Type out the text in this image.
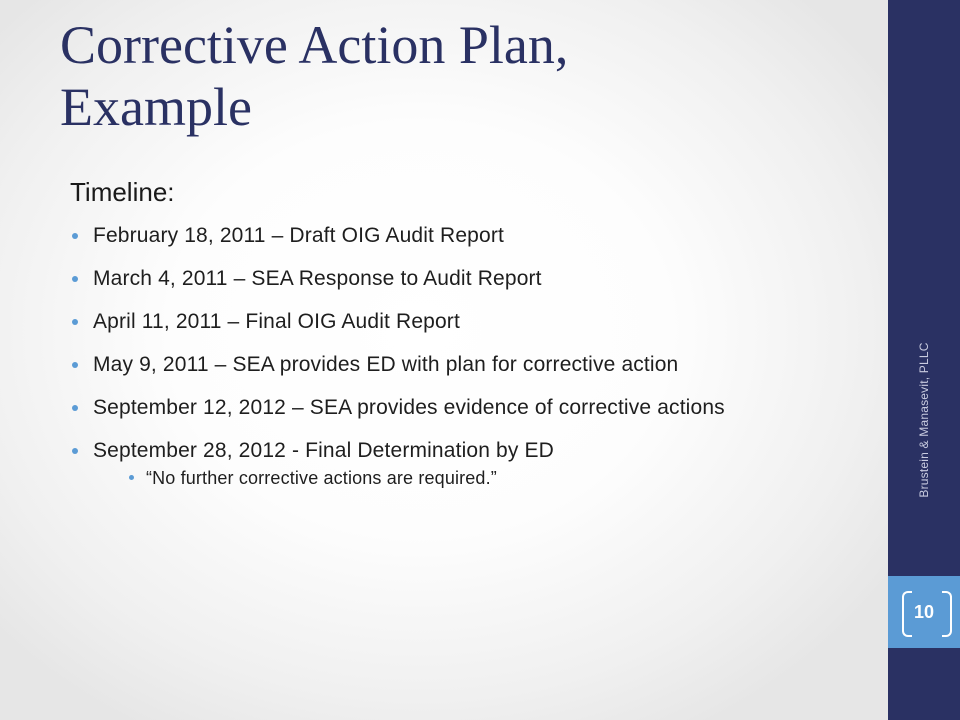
Corrective Action Plan,
Example

Timeline:

February 18, 2011 – Draft OIG Audit Report
March 4, 2011 – SEA Response to Audit Report
April 11, 2011 – Final OIG Audit Report
May 9, 2011 – SEA provides ED with plan for corrective action
September 12, 2012 – SEA provides evidence of corrective actions
September 28, 2012 - Final Determination by ED
“No further corrective actions are required.”	Brustein & Manasevit, PLLC
10
